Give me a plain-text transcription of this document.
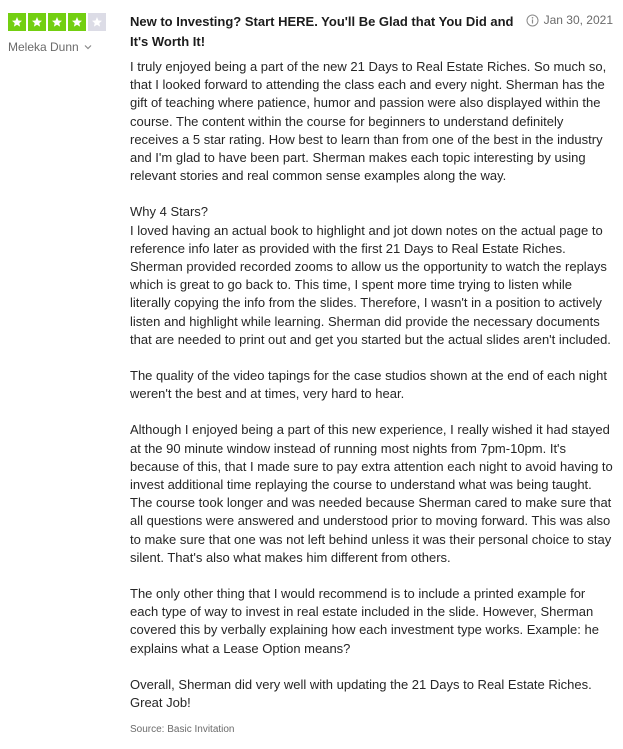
Meleka Dunn
New to Investing? Start HERE. You'll Be Glad that You Did and It's Worth It!
Jan 30, 2021

I truly enjoyed being a part of the new 21 Days to Real Estate Riches. So much so, that I looked forward to attending the class each and every night. Sherman has the gift of teaching where patience, humor and passion were also displayed within the course. The content within the course for beginners to understand definitely receives a 5 star rating. How best to learn than from one of the best in the industry and I'm glad to have been part. Sherman makes each topic interesting by using relevant stories and real common sense examples along the way.

Why 4 Stars?
I loved having an actual book to highlight and jot down notes on the actual page to reference info later as provided with the first 21 Days to Real Estate Riches. Sherman provided recorded zooms to allow us the opportunity to watch the replays which is great to go back to. This time, I spent more time trying to listen while literally copying the info from the slides. Therefore, I wasn't in a position to actively listen and highlight while learning. Sherman did provide the necessary documents that are needed to print out and get you started but the actual slides aren't included.

The quality of the video tapings for the case studios shown at the end of each night weren't the best and at times, very hard to hear.

Although I enjoyed being a part of this new experience, I really wished it had stayed at the 90 minute window instead of running most nights from 7pm-10pm. It's because of this, that I made sure to pay extra attention each night to avoid having to invest additional time replaying the course to understand what was being taught. The course took longer and was needed because Sherman cared to make sure that all questions were answered and understood prior to moving forward. This was also to make sure that one was not left behind unless it was their personal choice to stay silent. That's also what makes him different from others.

The only other thing that I would recommend is to include a printed example for each type of way to invest in real estate included in the slide. However, Sherman covered this by verbally explaining how each investment type works. Example: he explains what a Lease Option means?

Overall, Sherman did very well with updating the 21 Days to Real Estate Riches. Great Job!

Source: Basic Invitation
